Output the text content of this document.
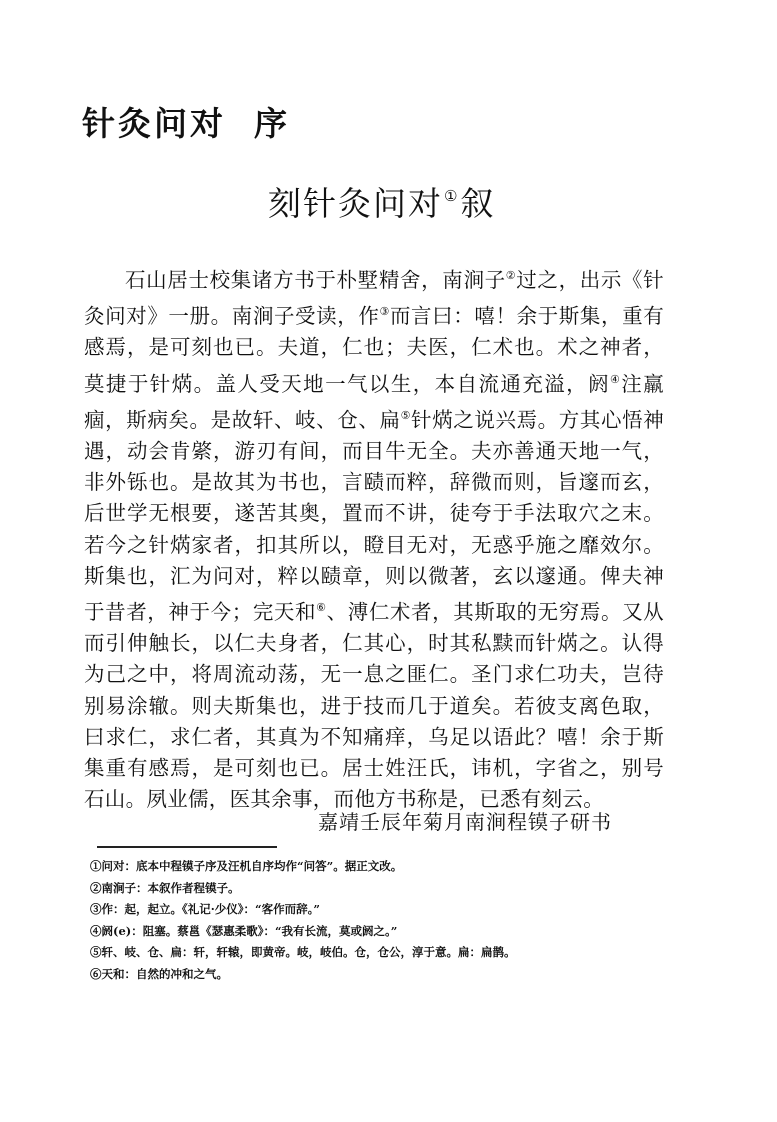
针灸问对 序
刻针灸问对①叙
石山居士校集诸方书于朴墅精舍，南涧子②过之，出示《针灸问对》一册。南涧子受读，作③而言曰：嘻！余于斯集，重有感焉，是可刻也已。夫道，仁也；夫医，仁术也。术之神者，莫捷于针焫。盖人受天地一气以生，本自流通充溢，阏④注羸痼，斯病矣。是故轩、岐、仓、扁⑤针焫之说兴焉。方其心悟神遇，动会肯綮，游刃有间，而目牛无全。夫亦善通天地一气，非外铄也。是故其为书也，言赜而粹，辞微而则，旨邃而玄，后世学无根要，遂苦其奥，置而不讲，徒夸于手法取穴之末。若今之针焫家者，扣其所以，瞪目无对，无惑乎施之靡效尔。斯集也，汇为问对，粹以赜章，则以微著，玄以邃通。俾夫神于昔者，神于今；完天和⑥、溥仁术者，其斯取的无穷焉。又从而引伸触长，以仁夫身者，仁其心，时其私黩而针焫之。认得为己之中，将周流动荡，无一息之匪仁。圣门求仁功夫，岂待别易涂辙。则夫斯集也，进于技而几于道矣。若彼支离色取，曰求仁，求仁者，其真为不知痛痒，乌足以语此？嘻！余于斯集重有感焉，是可刻也已。居士姓汪氏，讳机，字省之，别号石山。夙业儒，医其余事，而他方书称是，已悉有刻云。
嘉靖壬辰年菊月南涧程镆子研书
①问对：底本中程镆子序及汪机自序均作“问答”。据正文改。
②南涧子：本叙作者程镆子。
③作：起，起立。《礼记·少仪》：“客作而辞。”
④阏(e)：阻塞。蔡邕《瑟惠柔歌》：“我有长流，莫或阏之。”
⑤轩、岐、仓、扁：轩，轩辕，即黄帝。岐，岐伯。仓，仓公，淳于意。扁：扁鹊。
⑥天和：自然的冲和之气。
